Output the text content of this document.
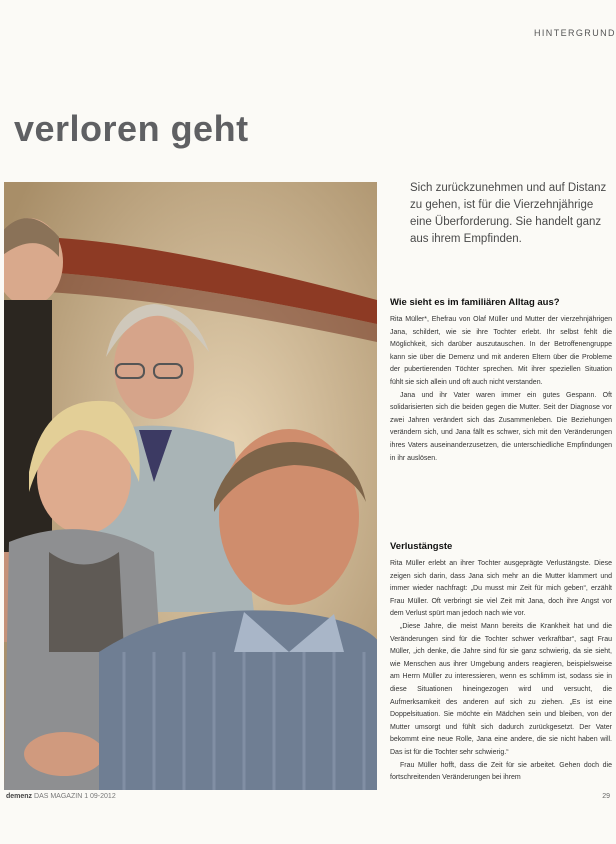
HINTERGRUND
verloren geht

Sich zurückzunehmen und auf Distanz

zu gehen, ist für die Vierzehnjährige

eine Überforderung. Sie handelt ganz

aus ihrem Empfinden.

Wie sieht es im familiären Alltag aus?

Rita Müller*, Ehefrau von Olaf Müller und Mutter der vierzehnjährigen Jana, schildert, wie sie ihre Tochter erlebt. Ihr selbst fehlt die Möglichkeit, sich darüber auszutauschen. In der Betroffenengruppe kann sie über die Demenz und mit anderen Eltern über die Probleme der pubertierenden Töchter sprechen. Mit ihrer speziellen Situation fühlt sie sich allein und oft auch nicht verstanden.

Jana und ihr Vater waren immer ein gutes Gespann. Oft solidarisierten sich die beiden gegen die Mutter. Seit der Diagnose vor zwei Jahren verändert sich das Zusammenleben. Die Beziehungen verändern sich, und Jana fällt es schwer, sich mit den Veränderungen ihres Vaters auseinanderzusetzen, die unterschiedliche Empfindungen in ihr auslösen.

Verlustängste

Rita Müller erlebt an ihrer Tochter ausgeprägte Verlustängste. Diese zeigen sich darin, dass Jana sich mehr an die Mutter klammert und immer wieder nachfragt: „Du musst mir Zeit für mich geben“, erzählt Frau Müller. Oft verbringt sie viel Zeit mit Jana, doch ihre Angst vor dem Verlust spürt man jedoch nach wie vor.

„Diese Jahre, die meist Mann bereits die Krankheit hat und die Veränderungen sind für die Tochter schwer verkraftbar“, sagt Frau Müller, „ich denke, die Jahre sind für sie ganz schwierig, da sie sieht, wie Menschen aus ihrer Umgebung anders reagieren, beispielsweise am Herrn Müller zu interessieren, wenn es schlimm ist, sodass sie in diese Situationen hineingezogen wird und versucht, die Aufmerksamkeit des anderen auf sich zu ziehen. „Es ist eine Doppelsituation. Sie möchte ein Mädchen sein und bleiben, von der Mutter umsorgt und fühlt sich dadurch zurückgesetzt. Der Vater bekommt eine neue Rolle, Jana eine andere, die sie nicht haben will. Das ist für die Tochter sehr schwierig.“

Frau Müller hofft, dass die Zeit für sie arbeitet. Gehen doch die fortschreitenden Veränderungen bei ihrem

demenz DAS MAGAZIN 1 09-2012	29
